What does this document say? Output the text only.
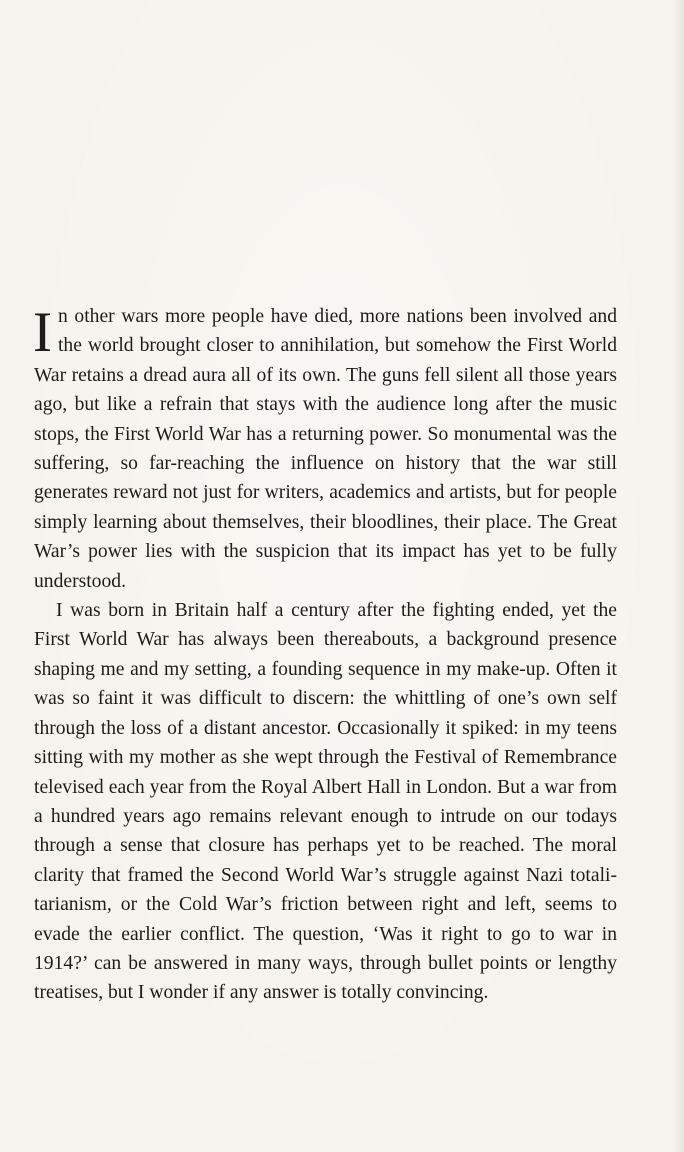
​

In other wars more people have died, more nations been involved and the world brought closer to annihilation, but somehow the First World War retains a dread aura all of its own. The guns fell silent all those years ago, but like a refrain that stays with the audience long after the music stops, the First World War has a returning power. So monumental was the suffering, so far-reaching the influence on history that the war still generates reward not just for writers, academics and artists, but for people simply learning about themselves, their bloodlines, their place. The Great War’s power lies with the suspicion that its impact has yet to be fully understood.

I was born in Britain half a century after the fighting ended, yet the First World War has always been thereabouts, a background presence shaping me and my setting, a founding sequence in my make-up. Often it was so faint it was difficult to discern: the whittling of one’s own self through the loss of a distant ancestor. Occasionally it spiked: in my teens sitting with my mother as she wept through the Festival of Remembrance televised each year from the Royal Albert Hall in London. But a war from a hundred years ago remains relevant enough to intrude on our todays through a sense that closure has perhaps yet to be reached. The moral clarity that framed the Second World War’s struggle against Nazi totalitarianism, or the Cold War’s friction between right and left, seems to evade the earlier conflict. The question, ‘Was it right to go to war in 1914?’ can be answered in many ways, through bullet points or lengthy treatises, but I wonder if any answer is totally convincing.
